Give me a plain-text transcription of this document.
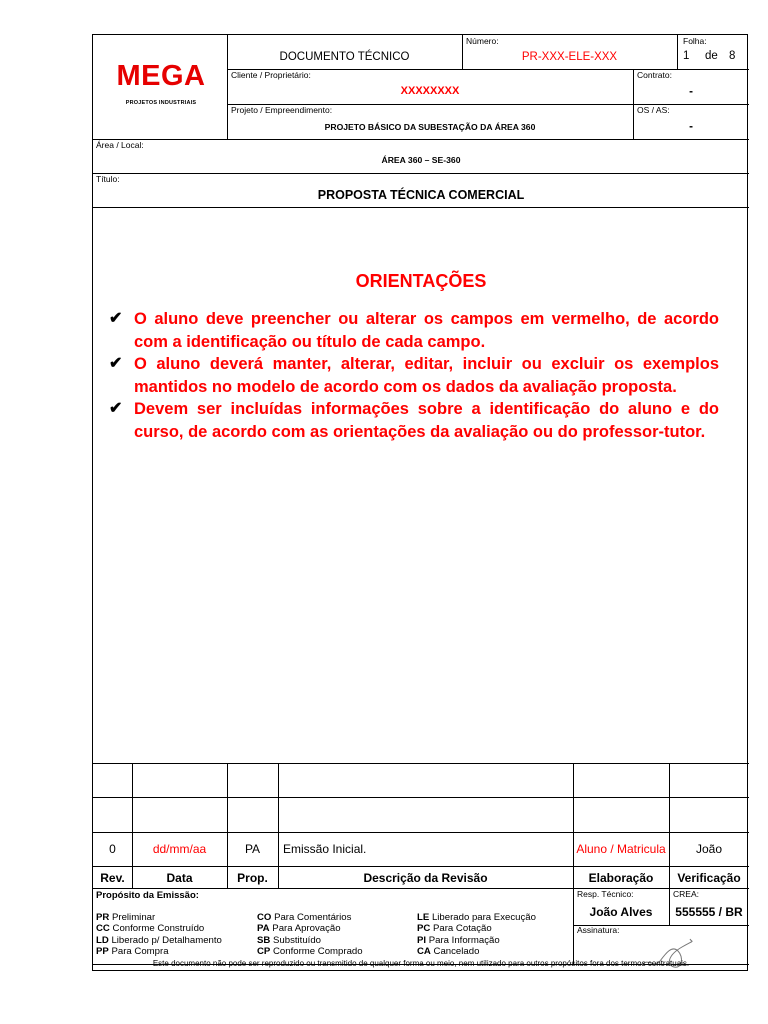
MEGA
PROJETOS INDUSTRIAIS
DOCUMENTO TÉCNICO
Número:
PR-XXX-ELE-XXX
Folha:
1 de 8
Cliente / Proprietário:
XXXXXXXX
Contrato:
-
Projeto / Empreendimento:
PROJETO BÁSICO DA SUBESTAÇÃO DA ÁREA 360
OS / AS:
-
Área / Local:
ÁREA 360 – SE-360
Título:
PROPOSTA TÉCNICA COMERCIAL
ORIENTAÇÕES
✔ O aluno deve preencher ou alterar os campos em vermelho, de acordo com a identificação ou título de cada campo.
✔ O aluno deverá manter, alterar, editar, incluir ou excluir os exemplos mantidos no modelo de acordo com os dados da avaliação proposta.
✔ Devem ser incluídas informações sobre a identificação do aluno e do curso, de acordo com as orientações da avaliação ou do professor-tutor.
0	dd/mm/aa	PA	Emissão Inicial.	Aluno / Matricula	João
Rev.	Data	Prop.	Descrição da Revisão	Elaboração	Verificação
Propósito da Emissão:
PR Preliminar
CC Conforme Construído
LD Liberado p/ Detalhamento
PP Para Compra
CO Para Comentários
PA Para Aprovação
SB Substituído
CP Conforme Comprado
LE Liberado para Execução
PC Para Cotação
PI Para Informação
CA Cancelado
Resp. Técnico:
João Alves
CREA:
555555 / BR
Assinatura:
Este documento não pode ser reproduzido ou transmitido de qualquer forma ou meio, nem utilizado para outros propósitos fora dos termos contratuais.
